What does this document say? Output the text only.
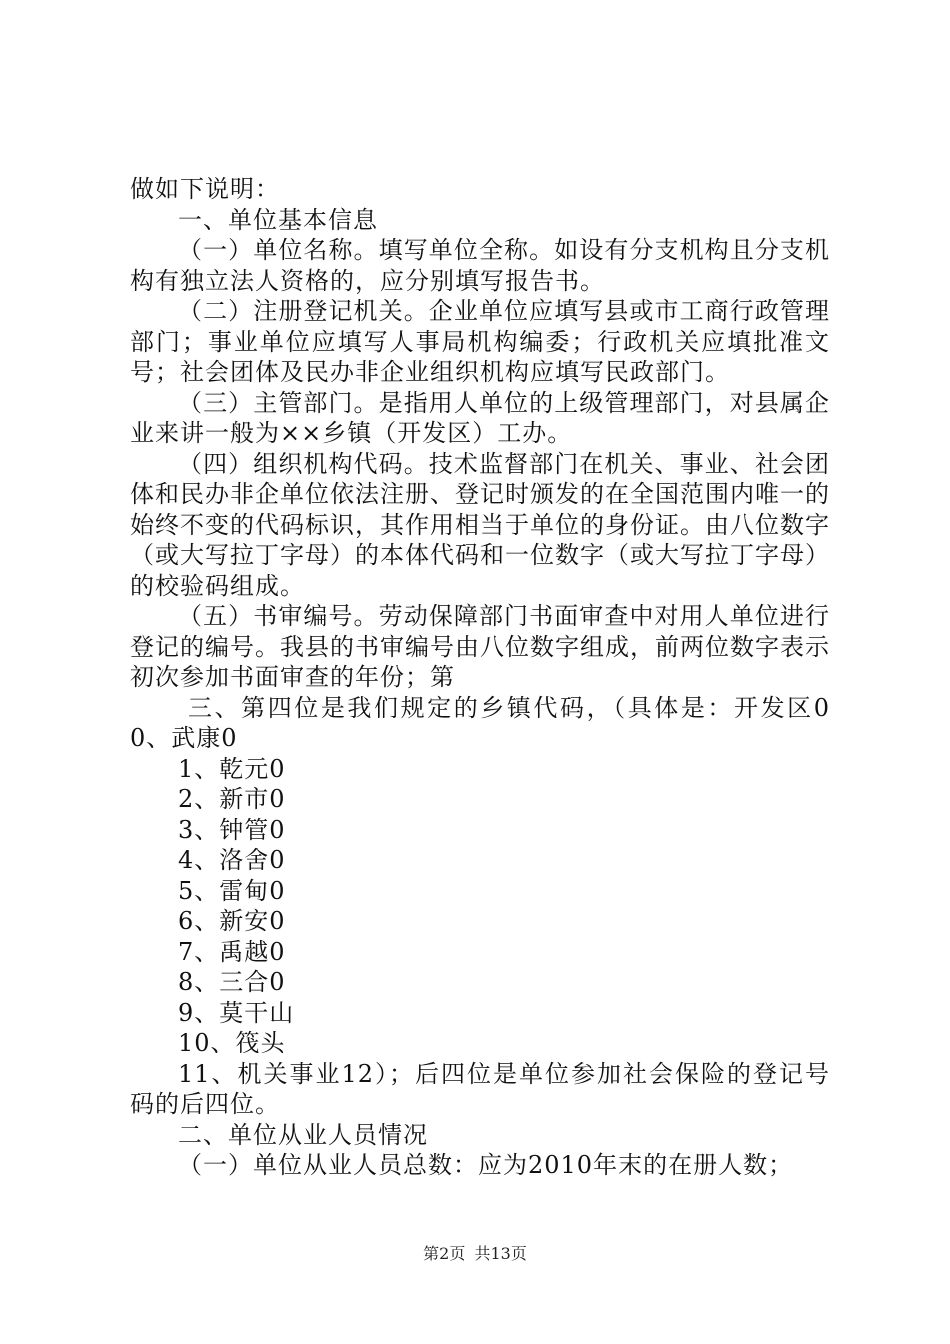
做如下说明：

一、单位基本信息

（一）单位名称。填写单位全称。如设有分支机构且分支机构有独立法人资格的，应分别填写报告书。

（二）注册登记机关。企业单位应填写县或市工商行政管理部门；事业单位应填写人事局机构编委；行政机关应填批准文号；社会团体及民办非企业组织机构应填写民政部门。

（三）主管部门。是指用人单位的上级管理部门，对县属企业来讲一般为××乡镇（开发区）工办。

（四）组织机构代码。技术监督部门在机关、事业、社会团体和民办非企单位依法注册、登记时颁发的在全国范围内唯一的始终不变的代码标识，其作用相当于单位的身份证。由八位数字（或大写拉丁字母）的本体代码和一位数字（或大写拉丁字母）的校验码组成。

（五）书审编号。劳动保障部门书面审查中对用人单位进行登记的编号。我县的书审编号由八位数字组成，前两位数字表示初次参加书面审查的年份；第

三、第四位是我们规定的乡镇代码，（具体是：开发区00、武康0

1、乾元0

2、新市0

3、钟管0

4、洛舍0

5、雷甸0

6、新安0

7、禹越0

8、三合0

9、莫干山

10、筏头

11、机关事业12）；后四位是单位参加社会保险的登记号码的后四位。

二、单位从业人员情况

（一）单位从业人员总数：应为2010年末的在册人数；

第2页 共13页
